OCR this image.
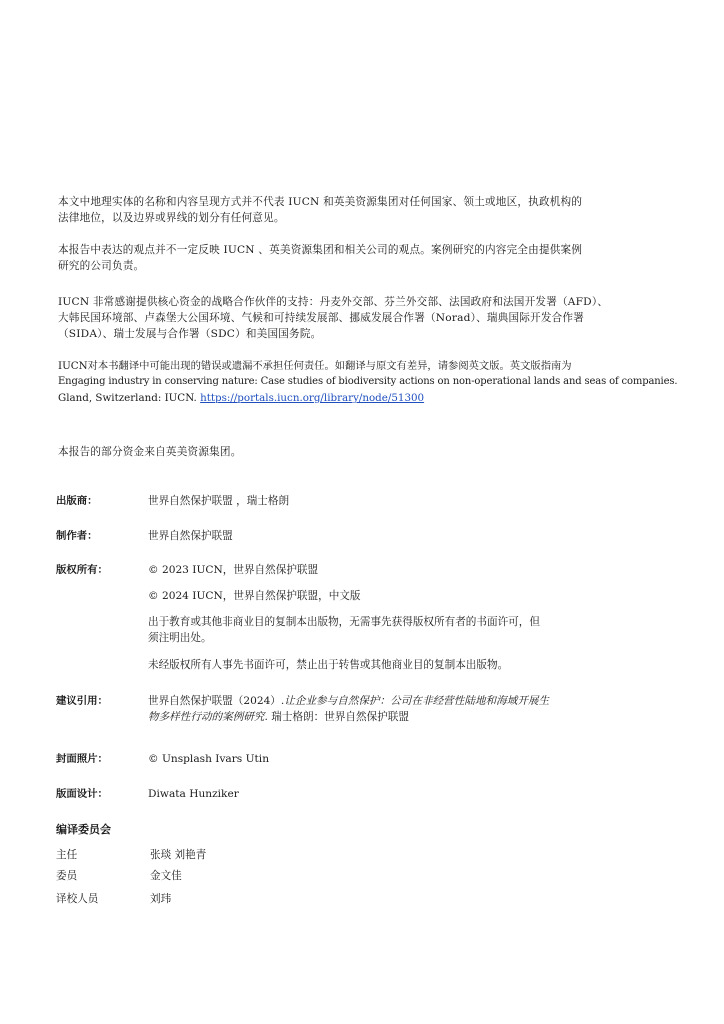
本文中地理实体的名称和内容呈现方式并不代表 IUCN 和英美资源集团对任何国家、领土或地区，执政机构的
法律地位，以及边界或界线的划分有任何意见。
本报告中表达的观点并不一定反映 IUCN 、英美资源集团和相关公司的观点。案例研究的内容完全由提供案例
研究的公司负责。
IUCN 非常感谢提供核心资金的战略合作伙伴的支持：丹麦外交部、芬兰外交部、法国政府和法国开发署（AFD）、
大韩民国环境部、卢森堡大公国环境、气候和可持续发展部、挪威发展合作署（Norad）、瑞典国际开发合作署
（SIDA）、瑞士发展与合作署（SDC）和美国国务院。
IUCN对本书翻译中可能出现的错误或遗漏不承担任何责任。如翻译与原文有差异，请参阅英文版。英文版指南为
Engaging industry in conserving nature: Case studies of biodiversity actions on non-operational lands and seas of companies.
Gland, Switzerland: IUCN. https://portals.iucn.org/library/node/51300
本报告的部分资金来自英美资源集团。
出版商：	世界自然保护联盟 ，瑞士格朗
制作者：	世界自然保护联盟
版权所有：	© 2023 IUCN，世界自然保护联盟
© 2024 IUCN，世界自然保护联盟，中文版
出于教育或其他非商业目的复制本出版物，无需事先获得版权所有者的书面许可，但
须注明出处。
未经版权所有人事先书面许可，禁止出于转售或其他商业目的复制本出版物。
建议引用：	世界自然保护联盟（2024）.让企业参与自然保护：公司在非经营性陆地和海域开展生
物多样性行动的案例研究. 瑞士格朗：世界自然保护联盟
封面照片：	© Unsplash Ivars Utin
版面设计：	Diwata Hunziker
编译委员会
主任	张琰 刘艳青
委员	金文佳
译校人员	刘玮
